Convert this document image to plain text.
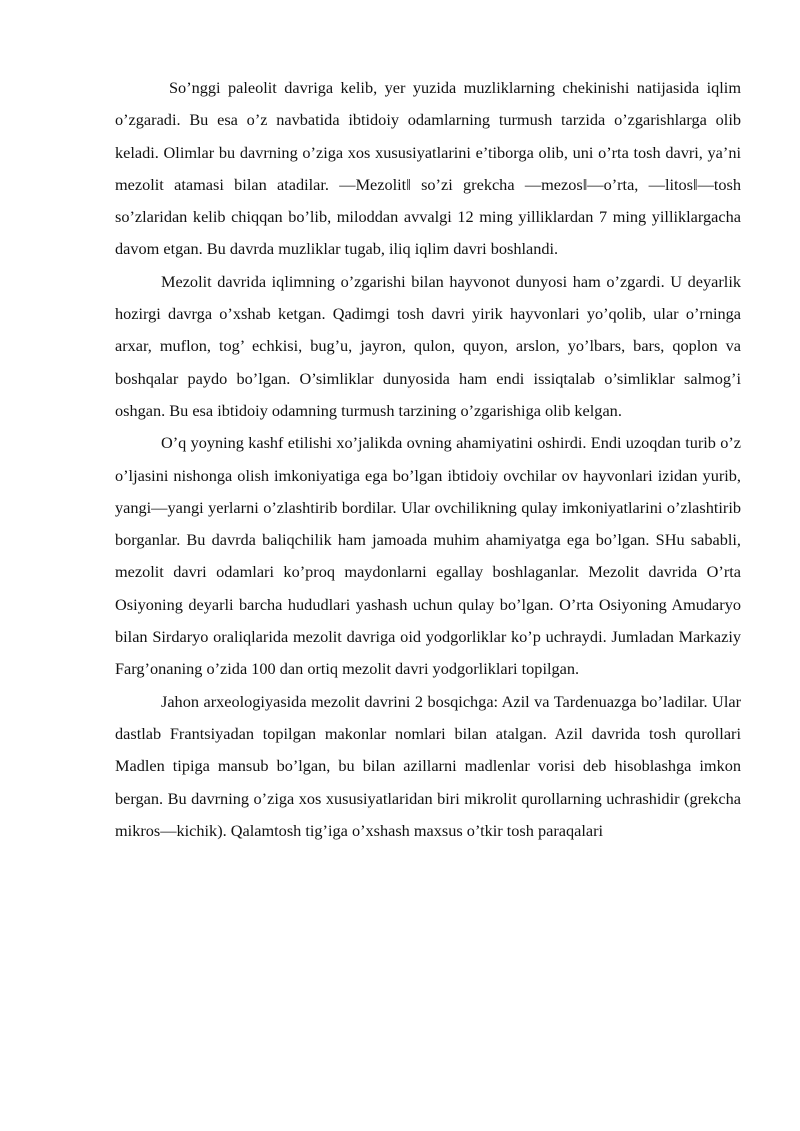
So’nggi paleolit davriga kelib, yer yuzida muzliklarning chekinishi natijasida iqlim o’zgaradi. Bu esa o’z navbatida ibtidoiy odamlarning turmush tarzida o’zgarishlarga olib keladi. Olimlar bu davrning o’ziga xos xususiyatlarini e’tiborga olib, uni o’rta tosh davri, ya’ni mezolit atamasi bilan atadilar. ―Mezolit‖ so’zi grekcha ―mezos‖―o’rta, ―litos‖―tosh so’zlaridan kelib chiqqan bo’lib, miloddan avvalgi 12 ming yilliklardan 7 ming yilliklargacha davom etgan. Bu davrda muzliklar tugab, iliq iqlim davri boshlandi.

Mezolit davrida iqlimning o’zgarishi bilan hayvonot dunyosi ham o’zgardi. U deyarlik hozirgi davrga o’xshab ketgan. Qadimgi tosh davri yirik hayvonlari yo’qolib, ular o’rninga arxar, muflon, tog’ echkisi, bug’u, jayron, qulon, quyon, arslon, yo’lbars, bars, qoplon va boshqalar paydo bo’lgan. O’simliklar dunyosida ham endi issiqtalab o’simliklar salmog’i oshgan. Bu esa ibtidoiy odamning turmush tarzining o’zgarishiga olib kelgan.

O’q yoyning kashf etilishi xo’jalikda ovning ahamiyatini oshirdi. Endi uzoqdan turib o’z o’ljasini nishonga olish imkoniyatiga ega bo’lgan ibtidoiy ovchilar ov hayvonlari izidan yurib, yangi―yangi yerlarni o’zlashtirib bordilar. Ular ovchilikning qulay imkoniyatlarini o’zlashtirib borganlar. Bu davrda baliqchilik ham jamoada muhim ahamiyatga ega bo’lgan. SHu sababli, mezolit davri odamlari ko’proq maydonlarni egallay boshlaganlar. Mezolit davrida O’rta Osiyoning deyarli barcha hududlari yashash uchun qulay bo’lgan. O’rta Osiyoning Amudaryo bilan Sirdaryo oraliqlarida mezolit davriga oid yodgorliklar ko’p uchraydi. Jumladan Markaziy Farg’onaning o’zida 100 dan ortiq mezolit davri yodgorliklari topilgan.

Jahon arxeologiyasida mezolit davrini 2 bosqichga: Azil va Tardenuazga bo’ladilar. Ular dastlab Frantsiyadan topilgan makonlar nomlari bilan atalgan. Azil davrida tosh qurollari Madlen tipiga mansub bo’lgan, bu bilan azillarni madlenlar vorisi deb hisoblashga imkon bergan. Bu davrning o’ziga xos xususiyatlaridan biri mikrolit qurollarning uchrashidir (grekcha mikros―kichik). Qalamtosh tig’iga o’xshash maxsus o’tkir tosh paraqalari
